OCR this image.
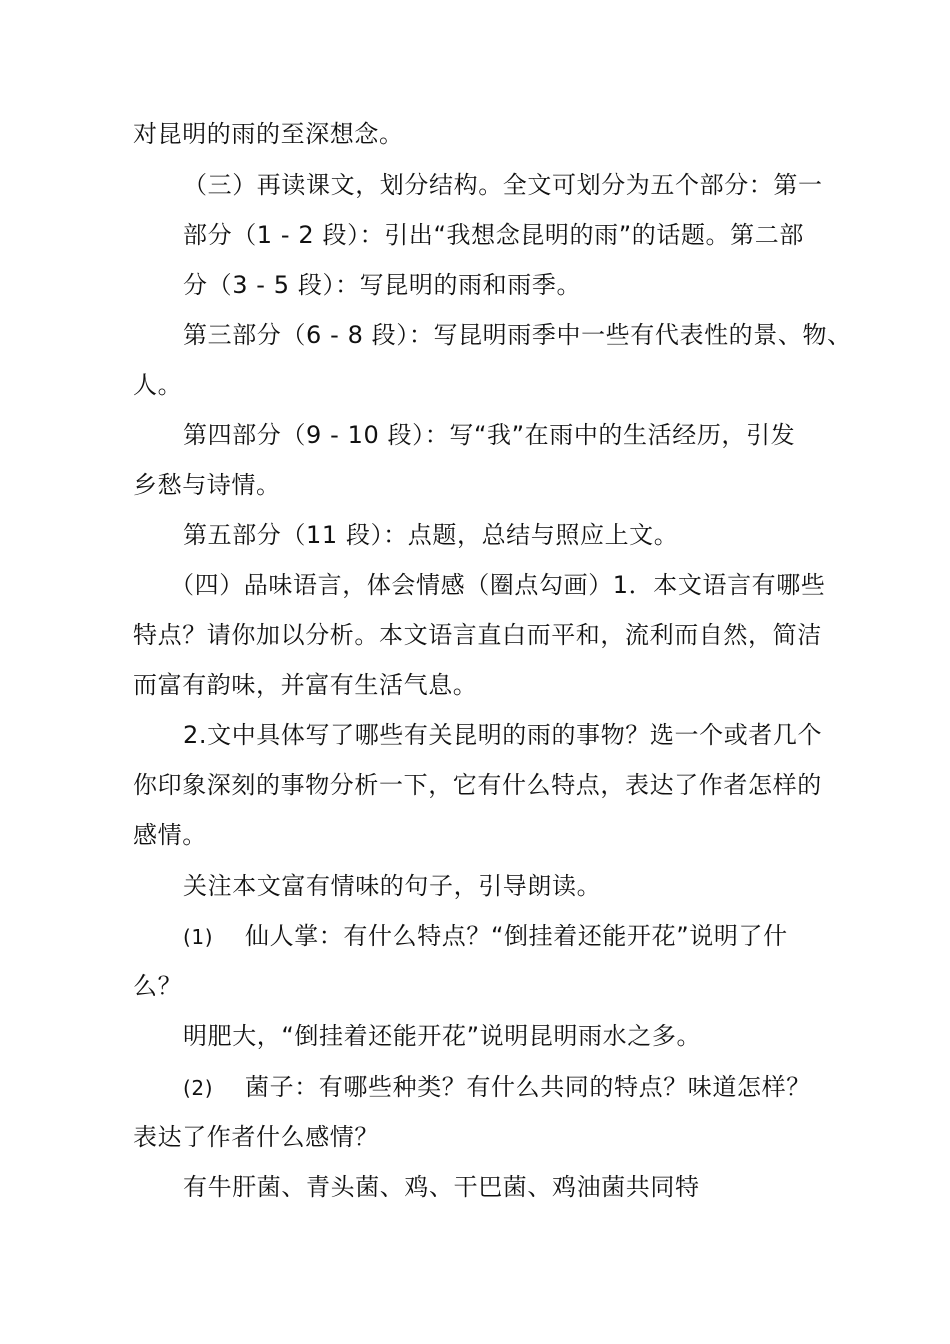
对昆明的雨的至深想念。
（三）再读课文，划分结构。全文可划分为五个部分：第一
部分（1 - 2 段）：引出“我想念昆明的雨”的话题。第二部
分（3 - 5 段）：写昆明的雨和雨季。
第三部分（6 - 8 段）：写昆明雨季中一些有代表性的景、物、
人。
第四部分（9 - 10 段）：写“我”在雨中的生活经历，引发
乡愁与诗情。
第五部分（11 段）：点题，总结与照应上文。
（四）品味语言，体会情感（圈点勾画）1．本文语言有哪些
特点？请你加以分析。本文语言直白而平和，流利而自然，简洁
而富有韵味，并富有生活气息。
2.文中具体写了哪些有关昆明的雨的事物？选一个或者几个
你印象深刻的事物分析一下，它有什么特点，表达了作者怎样的
感情。
关注本文富有情味的句子，引导朗读。
(1) 仙人掌：有什么特点？“倒挂着还能开花”说明了什
么？
明肥大，“倒挂着还能开花”说明昆明雨水之多。
(2) 菌子：有哪些种类？有什么共同的特点？味道怎样？
表达了作者什么感情？
有牛肝菌、青头菌、鸡、干巴菌、鸡油菌共同特
